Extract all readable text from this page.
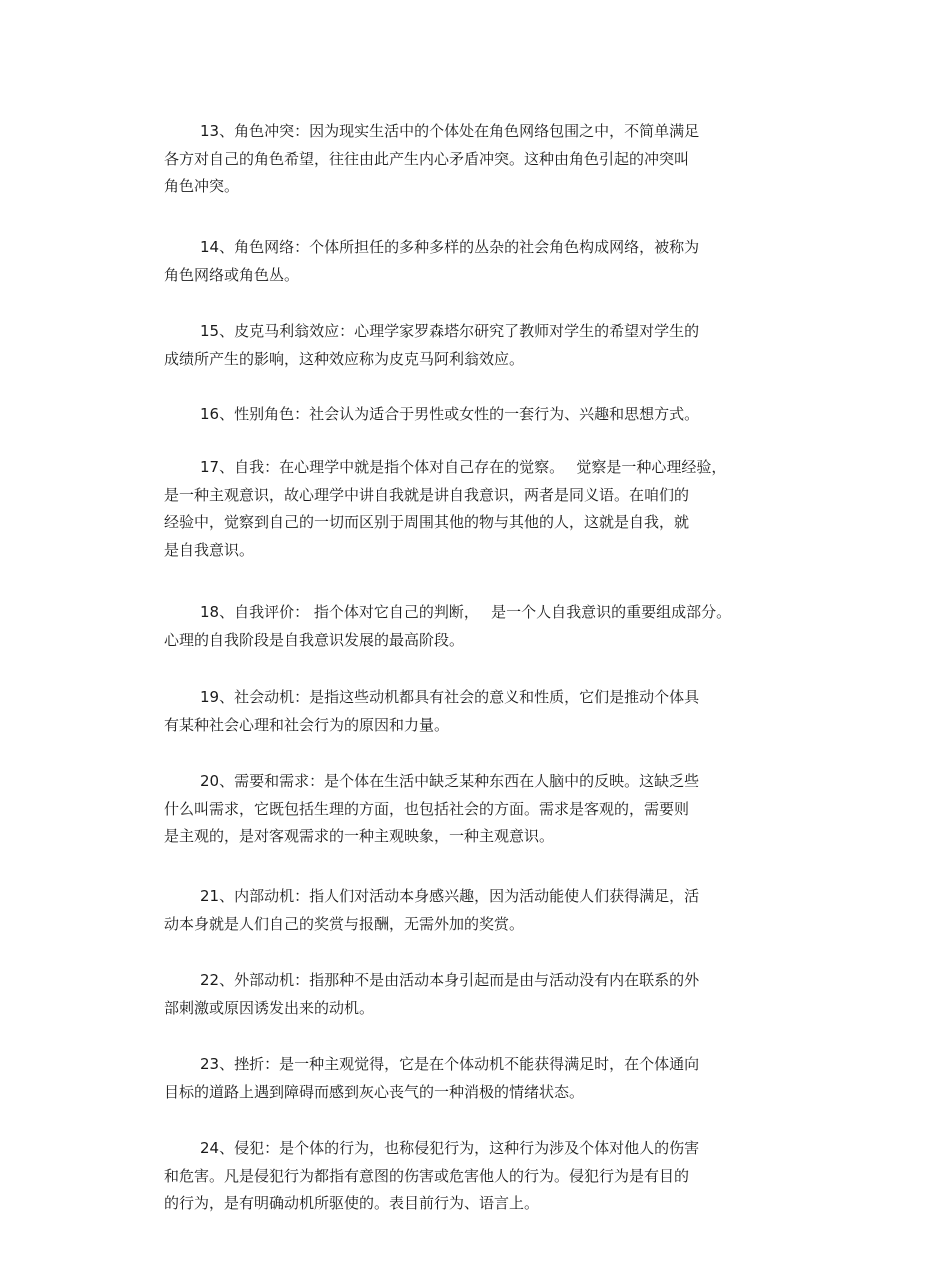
13、角色冲突：因为现实生活中的个体处在角色网络包围之中，不简单满足
各方对自己的角色希望，往往由此产生内心矛盾冲突。这种由角色引起的冲突叫
角色冲突。

14、角色网络：个体所担任的多种多样的丛杂的社会角色构成网络，被称为
角色网络或角色丛。

15、皮克马利翁效应：心理学家罗森塔尔研究了教师对学生的希望对学生的
成绩所产生的影响，这种效应称为皮克马阿利翁效应。

16、性别角色：社会认为适合于男性或女性的一套行为、兴趣和思想方式。

17、自我：在心理学中就是指个体对自己存在的觉察。　 觉察是一种心理经验，
是一种主观意识，故心理学中讲自我就是讲自我意识，两者是同义语。在咱们的
经验中，觉察到自己的一切而区别于周围其他的物与其他的人，这就是自我，就
是自我意识。

18、自我评价： 指个体对它自己的判断，　 是一个人自我意识的重要组成部分。
心理的自我阶段是自我意识发展的最高阶段。

19、社会动机：是指这些动机都具有社会的意义和性质，它们是推动个体具
有某种社会心理和社会行为的原因和力量。

20、需要和需求：是个体在生活中缺乏某种东西在人脑中的反映。这缺乏些
什么叫需求，它既包括生理的方面，也包括社会的方面。需求是客观的，需要则
是主观的，是对客观需求的一种主观映象，一种主观意识。

21、内部动机：指人们对活动本身感兴趣，因为活动能使人们获得满足，活
动本身就是人们自己的奖赏与报酬，无需外加的奖赏。

22、外部动机：指那种不是由活动本身引起而是由与活动没有内在联系的外
部刺激或原因诱发出来的动机。

23、挫折：是一种主观觉得，它是在个体动机不能获得满足时，在个体通向
目标的道路上遇到障碍而感到灰心丧气的一种消极的情绪状态。

24、侵犯：是个体的行为，也称侵犯行为，这种行为涉及个体对他人的伤害
和危害。凡是侵犯行为都指有意图的伤害或危害他人的行为。侵犯行为是有目的
的行为，是有明确动机所驱使的。表目前行为、语言上。
